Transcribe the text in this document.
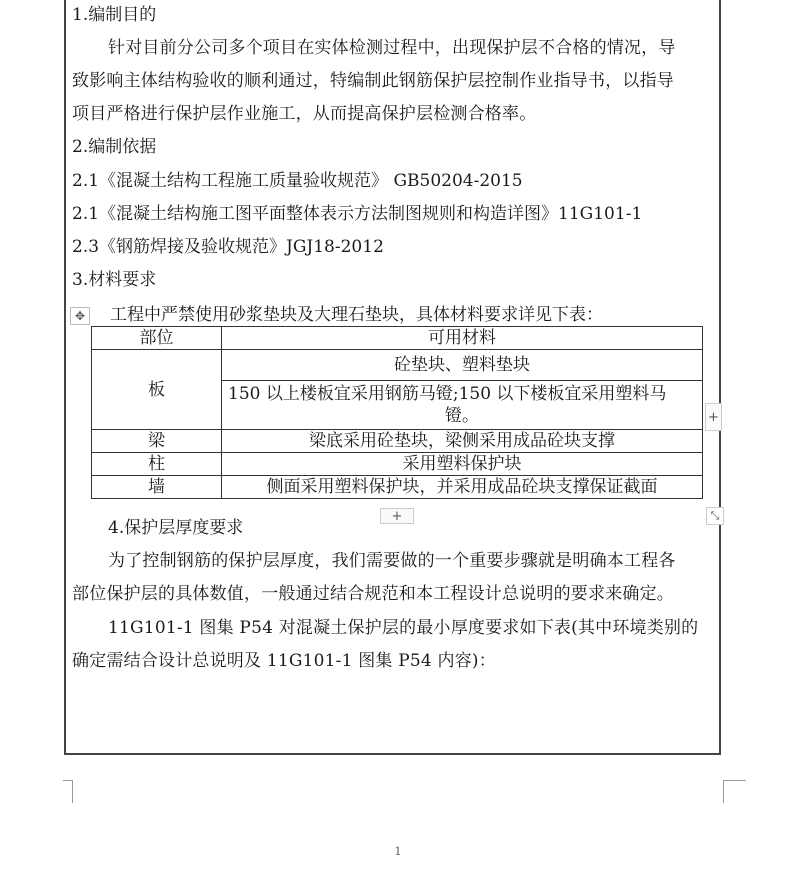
1.编制目的
针对目前分公司多个项目在实体检测过程中，出现保护层不合格的情况，导
致影响主体结构验收的顺利通过，特编制此钢筋保护层控制作业指导书，以指导
项目严格进行保护层作业施工，从而提高保护层检测合格率。
2.编制依据
2.1《混凝土结构工程施工质量验收规范》 GB50204-2015
2.1《混凝土结构施工图平面整体表示方法制图规则和构造详图》11G101-1
2.3《钢筋焊接及验收规范》JGJ18-2012
3.材料要求
✥ 工程中严禁使用砂浆垫块及大理石垫块，具体材料要求详见下表：
部位	可用材料
板	砼垫块、塑料垫块

	150 以上楼板宜采用钢筋马镫;150 以下楼板宜采用塑料马
镫。

梁	梁底采用砼垫块，梁侧采用成品砼块支撑
柱	采用塑料保护块
墙	侧面采用塑料保护块，并采用成品砼块支撑保证截面
+
+	⤡
4.保护层厚度要求
为了控制钢筋的保护层厚度，我们需要做的一个重要步骤就是明确本工程各
部位保护层的具体数值，一般通过结合规范和本工程设计总说明的要求来确定。
11G101-1 图集 P54 对混凝土保护层的最小厚度要求如下表(其中环境类别的
确定需结合设计总说明及 11G101-1 图集 P54 内容)：
1
